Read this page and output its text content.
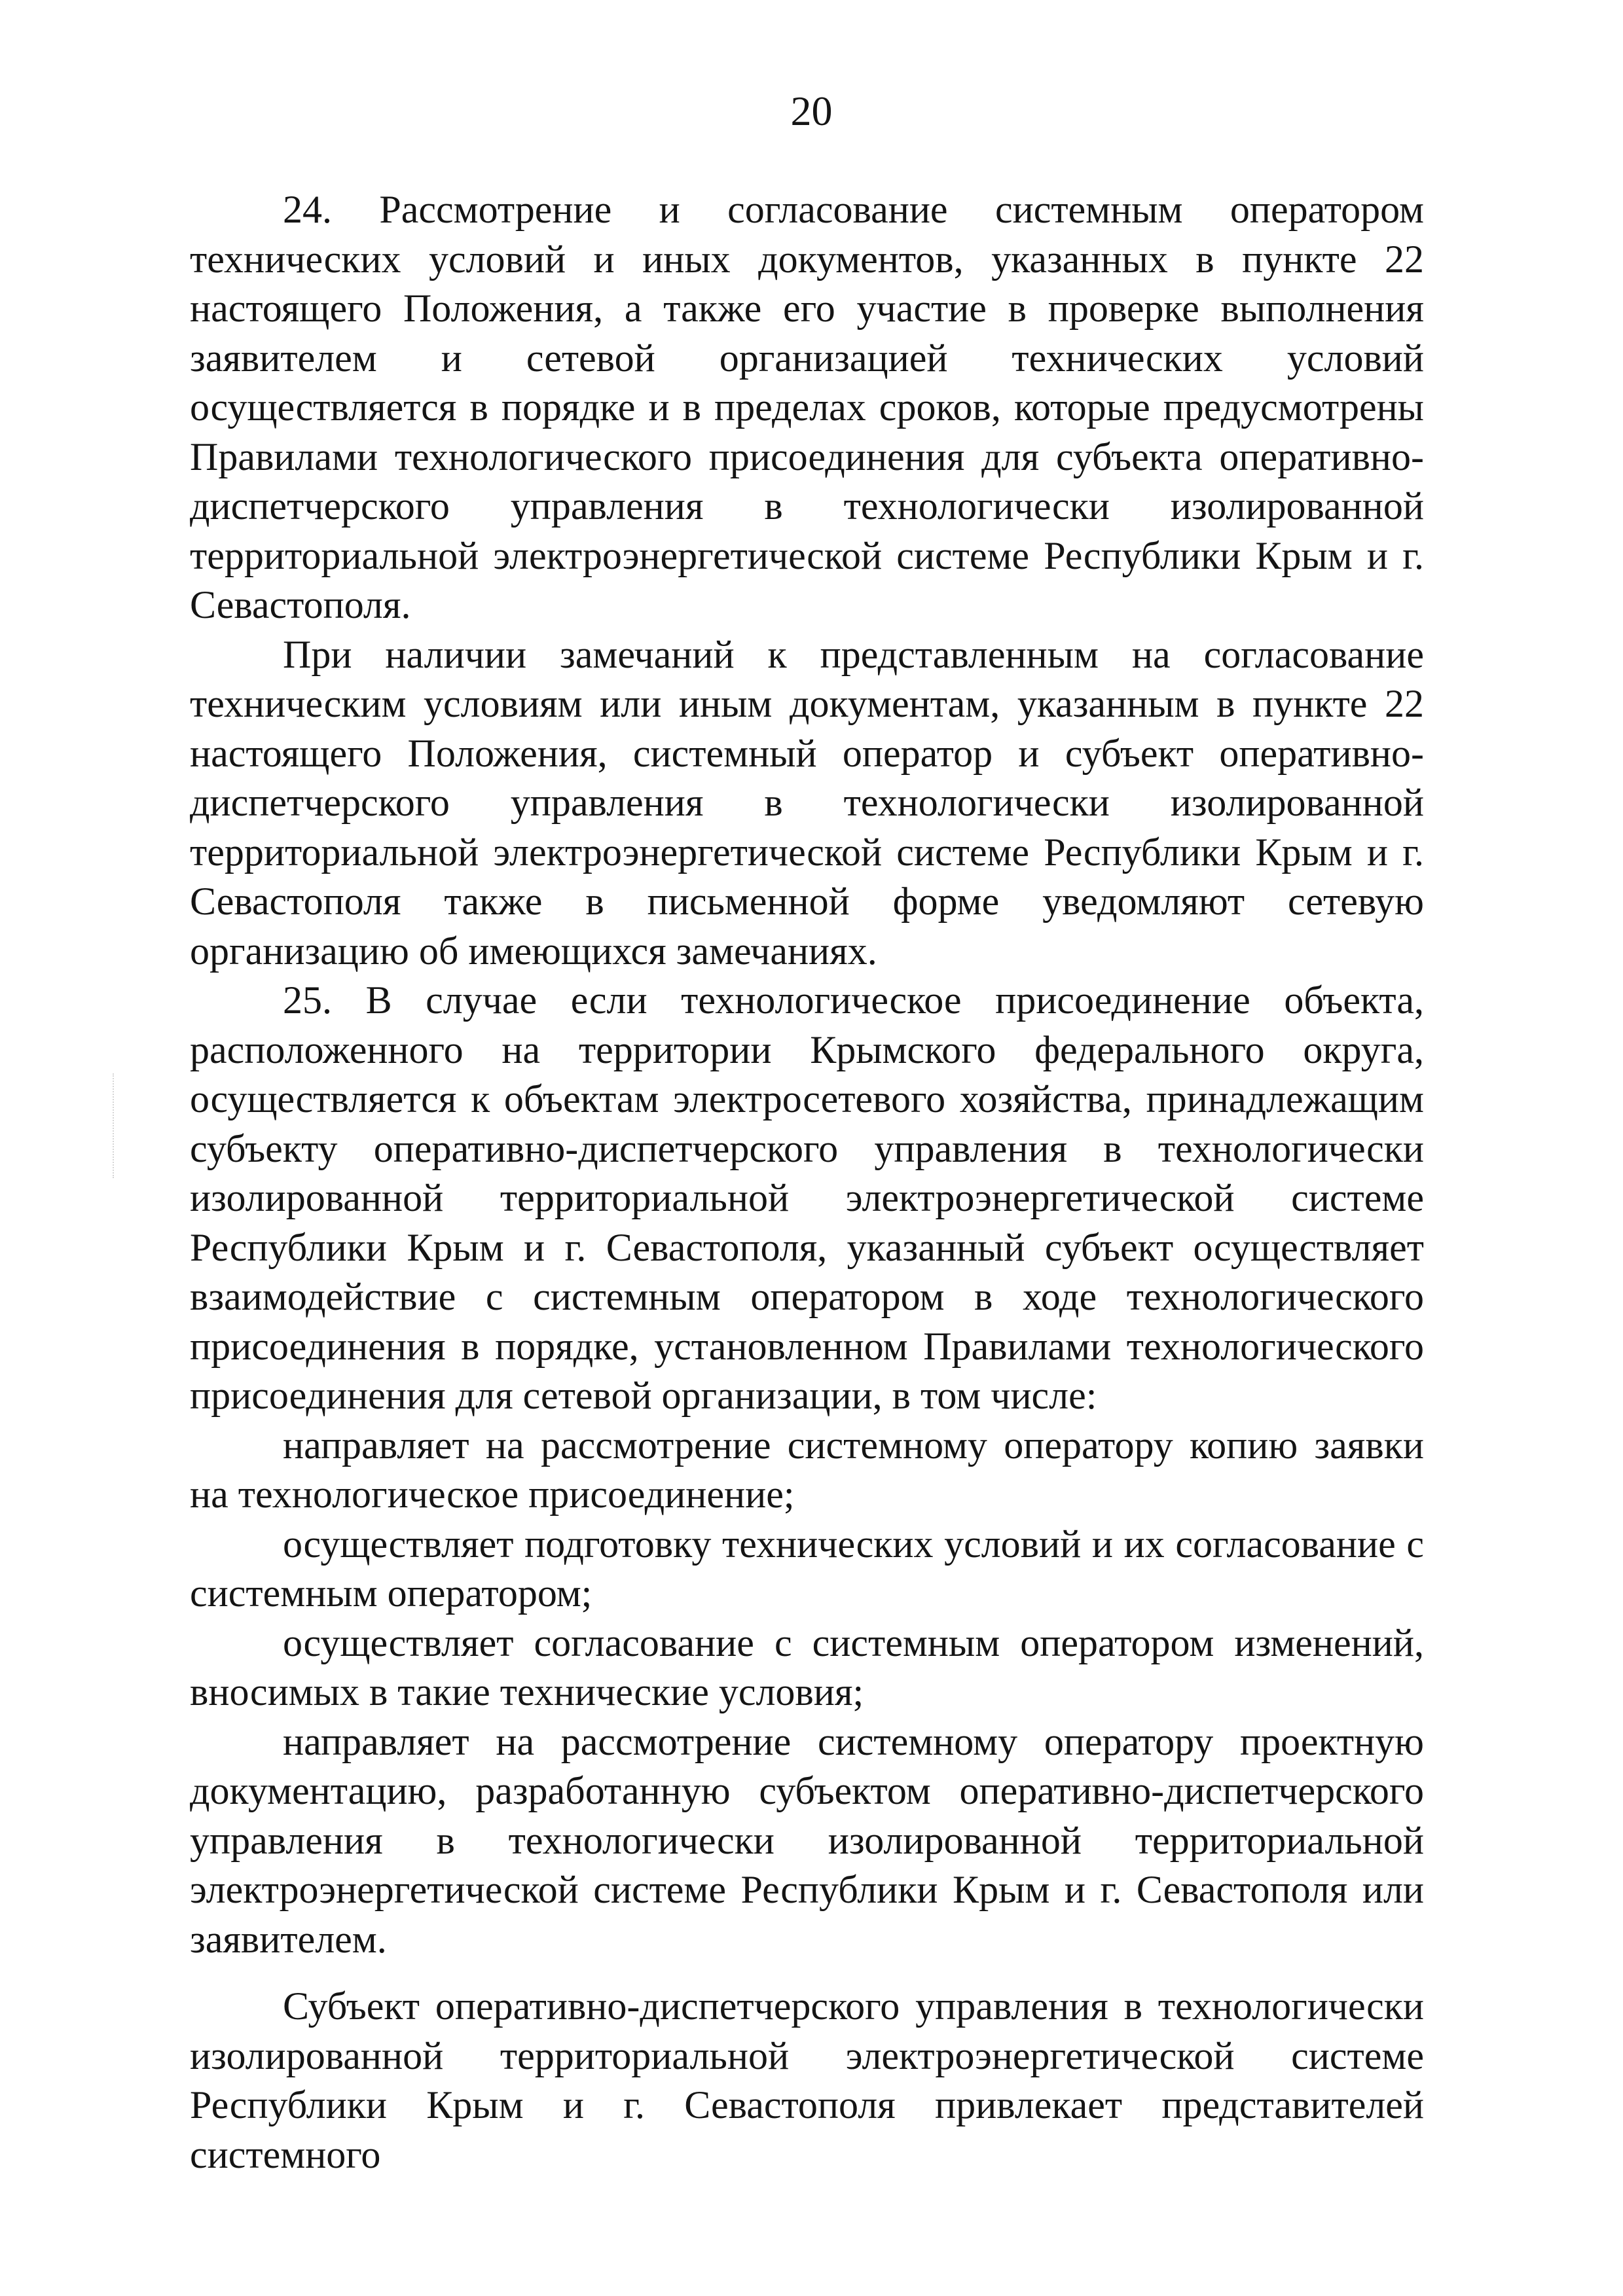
20

24. Рассмотрение и согласование системным оператором технических условий и иных документов, указанных в пункте 22 настоящего Положения, а также его участие в проверке выполнения заявителем и сетевой организацией технических условий осуществляется в порядке и в пределах сроков, которые предусмотрены Правилами технологического присоединения для субъекта оперативно-диспетчерского управления в технологически изолированной территориальной электроэнергетической системе Республики Крым и г. Севастополя.

При наличии замечаний к представленным на согласование техническим условиям или иным документам, указанным в пункте 22 настоящего Положения, системный оператор и субъект оперативно-диспетчерского управления в технологически изолированной территориальной электроэнергетической системе Республики Крым и г. Севастополя также в письменной форме уведомляют сетевую организацию об имеющихся замечаниях.

25. В случае если технологическое присоединение объекта, расположенного на территории Крымского федерального округа, осуществляется к объектам электросетевого хозяйства, принадлежащим субъекту оперативно-диспетчерского управления в технологически изолированной территориальной электроэнергетической системе Республики Крым и г. Севастополя, указанный субъект осуществляет взаимодействие с системным оператором в ходе технологического присоединения в порядке, установленном Правилами технологического присоединения для сетевой организации, в том числе:

направляет на рассмотрение системному оператору копию заявки на технологическое присоединение;

осуществляет подготовку технических условий и их согласование с системным оператором;

осуществляет согласование с системным оператором изменений, вносимых в такие технические условия;

направляет на рассмотрение системному оператору проектную документацию, разработанную субъектом оперативно-диспетчерского управления в технологически изолированной территориальной электроэнергетической системе Республики Крым и г. Севастополя или заявителем.

Субъект оперативно-диспетчерского управления в технологически изолированной территориальной электроэнергетической системе Республики Крым и г. Севастополя привлекает представителей системного
